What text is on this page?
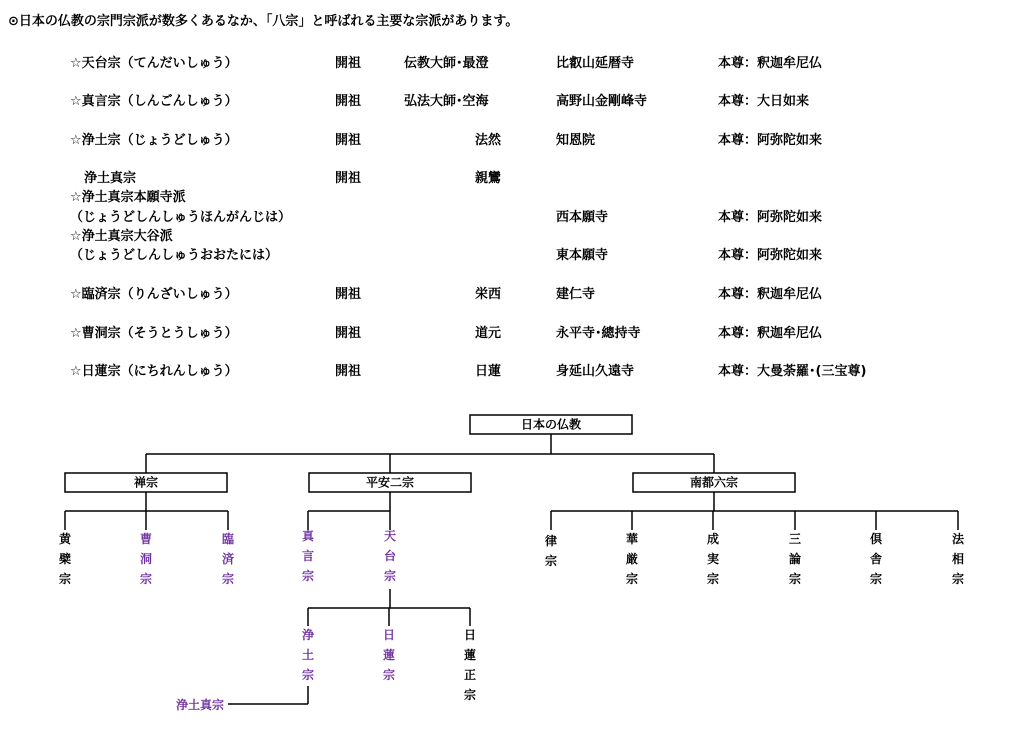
⊙日本の仏教の宗門宗派が数多くあるなか、「八宗」と呼ばれる主要な宗派があります。
☆天台宗（てんだいしゅう）	開祖	伝教大師･最澄	比叡山延暦寺	本尊：釈迦牟尼仏
☆真言宗（しんごんしゅう）	開祖	弘法大師･空海	高野山金剛峰寺	本尊：大日如来
☆浄土宗（じょうどしゅう）	開祖	法然	知恩院	本尊：阿弥陀如来
浄土真宗	開祖	親鸞
☆浄土真宗本願寺派
（じょうどしんしゅうほんがんじは）	西本願寺	本尊：阿弥陀如来
☆浄土真宗大谷派
（じょうどしんしゅうおおたには）	東本願寺	本尊：阿弥陀如来
☆臨済宗（りんざいしゅう）	開祖	栄西	建仁寺	本尊：釈迦牟尼仏
☆曹洞宗（そうとうしゅう）	開祖	道元	永平寺･總持寺	本尊：釈迦牟尼仏
☆日蓮宗（にちれんしゅう）	開祖	日蓮	身延山久遠寺	本尊：大曼荼羅･(三宝尊)
日本の仏教
禅宗	平安二宗	南都六宗
黄檗宗
曹洞宗
臨済宗
真言宗
天台宗
律宗
華厳宗
成実宗
三論宗
倶舎宗
法相宗
浄土宗
日蓮宗
日蓮正宗
浄土真宗
